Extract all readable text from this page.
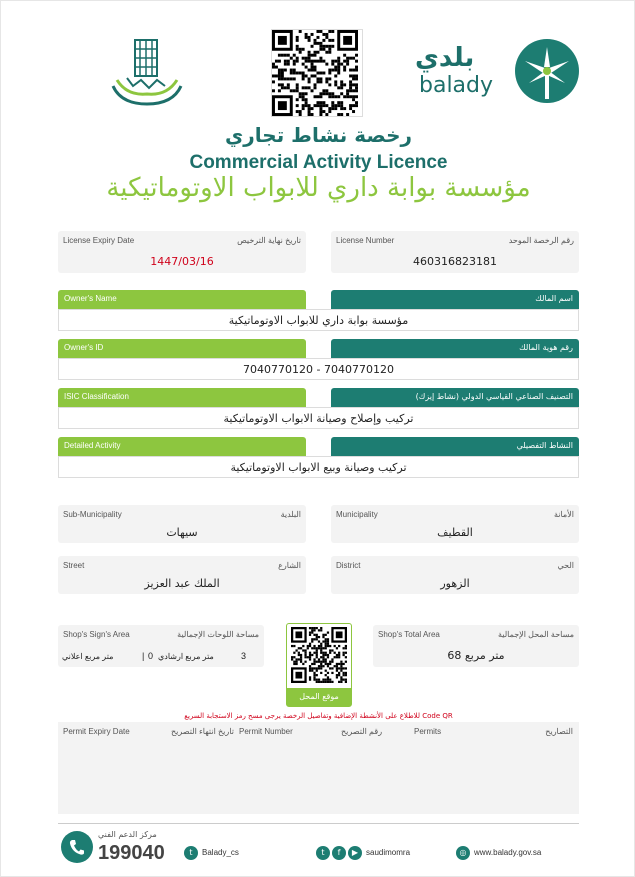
بلدي
balady
رخصة نشاط تجاري
Commercial Activity Licence
مؤسسة بوابة داري للابواب الاوتوماتيكية
License Expiry Date	تاريخ نهاية الترخيص
1447/03/16
License Number	رقم الرخصة الموحد
460316823181
Owner's Name	اسم المالك
مؤسسة بوابة داري للابواب الاوتوماتيكية
Owner's ID	رقم هوية المالك
7040770120 - 7040770120
ISIC Classification	التصنيف الصناعي القياسي الدولي (نشاط إيزك)
تركيب وإصلاح وصيانة الابواب الاوتوماتيكية
Detailed Activity	النشاط التفصيلي
تركيب وصيانة وبيع الابواب الاوتوماتيكية
Sub-Municipality	البلدية
سيهات
Municipality	الأمانة
القطيف
Street	الشارع
الملك عبد العزيز
District	الحي
الزهور
Shop's Sign's Area	مساحة اللوحات الإجمالية
متر مربع اعلاني	0
| متر مربع ارشادي	3
موقع المحل
Shop's Total Area	مساحة المحل الإجمالية
68 متر مربع
للاطلاع على الأنشطة الإضافية وتفاصيل الرخصة يرجى مسح رمز الاستجابة السريع Code QR
Permit Expiry Date	تاريخ انتهاء التصريح Permit Number	رقم التصريح	Permits	التصاريح
مركز الدعم الفني
199040	t	Balady_cs	t	f	▶ saudimomra	◎ www.balady.gov.sa
